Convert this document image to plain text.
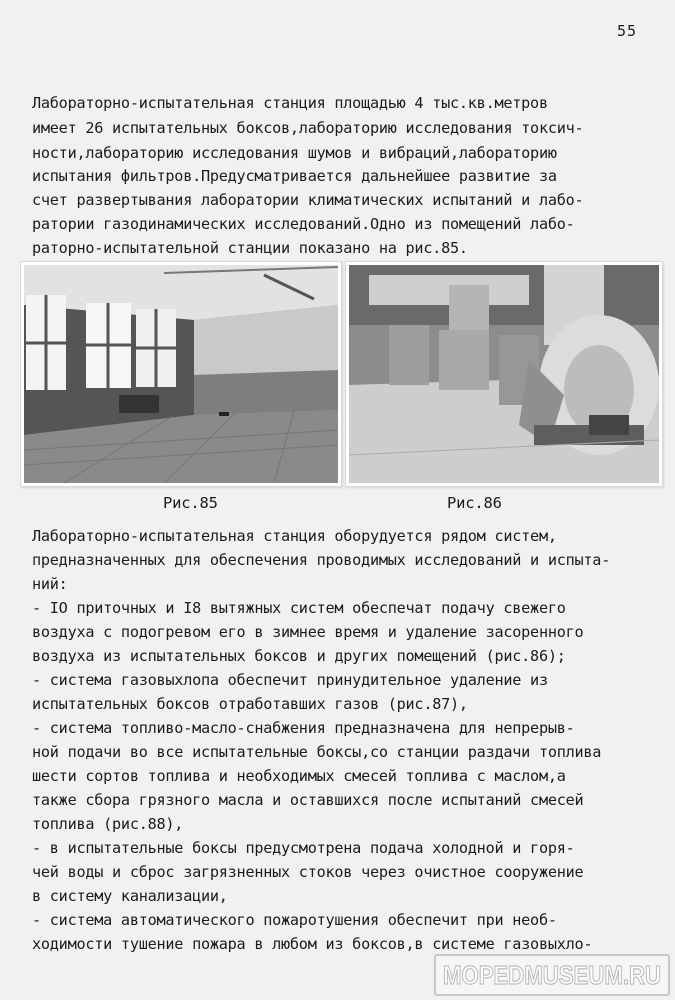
55
Лабораторно-испытательная станция площадью 4 тыс.кв.метров
имеет 26 испытательных боксов,лабораторию исследования токсич-
ности,лабораторию исследования шумов и вибраций,лабораторию
испытания фильтров.Предусматривается дальнейшее развитие за
счет развертывания лаборатории климатических испытаний и лабо-
ратории газодинамических исследований.Одно из помещений лабо-
раторно-испытательной станции показано на рис.85.
Рис.85	Рис.86
Лабораторно-испытательная станция оборудуется рядом систем,
предназначенных для обеспечения проводимых исследований и испыта-
ний:
- IO приточных и I8 вытяжных систем обеспечат подачу свежего
воздуха с подогревом его в зимнее время и удаление засоренного
воздуха из испытательных боксов и других помещений (рис.86);
- система газовыхлопа обеспечит принудительное удаление из
испытательных боксов отработавших газов (рис.87),
- система топливо-масло-снабжения предназначена для непрерыв-
ной подачи во все испытательные боксы,со станции раздачи топлива
шести сортов топлива и необходимых смесей топлива с маслом,а
также сбора грязного масла и оставшихся после испытаний смесей
топлива (рис.88),
- в испытательные боксы предусмотрена подача холодной и горя-
чей воды и сброс загрязненных стоков через очистное сооружение
в систему канализации,
- система автоматического пожаротушения обеспечит при необ-
ходимости тушение пожара в любом из боксов,в системе газовыхло-
MOPEDMUSEUM.RU
